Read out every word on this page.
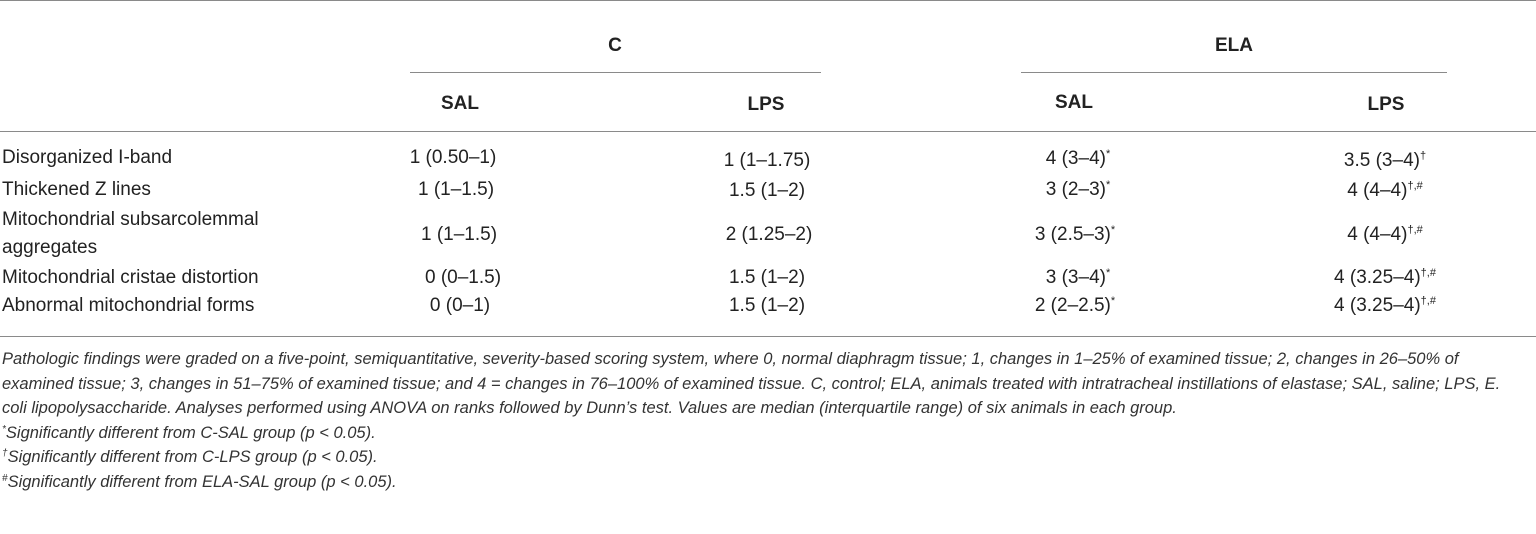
C	ELA
SAL	LPS	SAL	LPS
Disorganized I-band	1 (0.50–1)	1 (1–1.75)	4 (3–4)*	3.5 (3–4)†
Thickened Z lines	1 (1–1.5)	1.5 (1–2)	3 (2–3)*	4 (4–4)†,#
Mitochondrial subsarcolemmal
aggregates
1 (1–1.5)	2 (1.25–2)	3 (2.5–3)*	4 (4–4)†,#
Mitochondrial cristae distortion	0 (0–1.5)	1.5 (1–2)	3 (3–4)*	4 (3.25–4)†,#
Abnormal mitochondrial forms	0 (0–1)	1.5 (1–2)	2 (2–2.5)*	4 (3.25–4)†,#

Pathologic findings were graded on a five-point, semiquantitative, severity-based scoring system, where 0, normal diaphragm tissue; 1, changes in 1–25% of examined tissue; 2, changes in 26–50% of examined tissue; 3, changes in 51–75% of examined tissue; and 4 = changes in 76–100% of examined tissue. C, control; ELA, animals treated with intratracheal instillations of elastase; SAL, saline; LPS, E. coli lipopolysaccharide. Analyses performed using ANOVA on ranks followed by Dunn’s test. Values are median (interquartile range) of six animals in each group.

*Significantly different from C-SAL group (p < 0.05).

†Significantly different from C-LPS group (p < 0.05).

#Significantly different from ELA-SAL group (p < 0.05).
